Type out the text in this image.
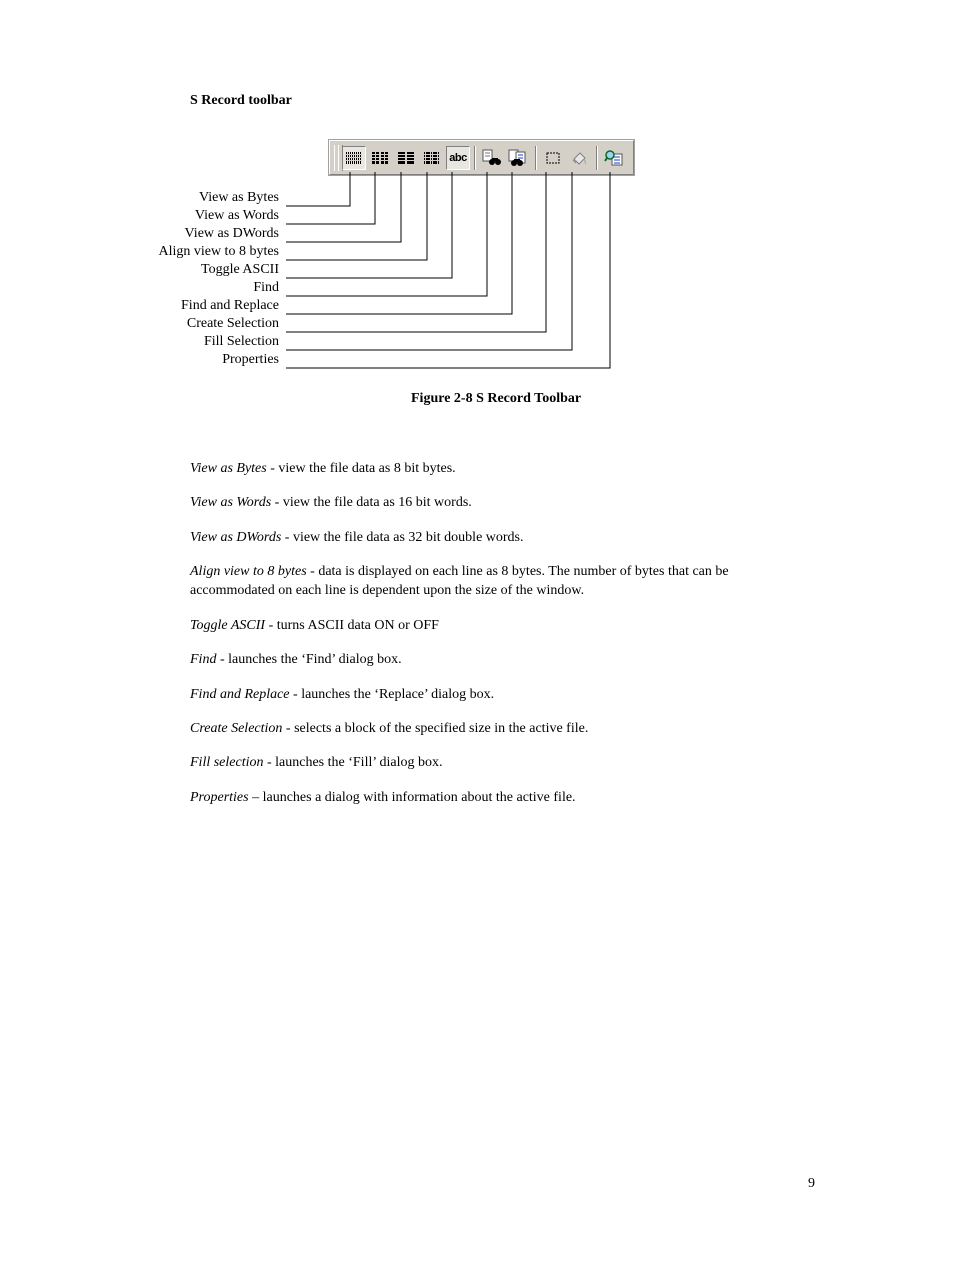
S Record toolbar
abc
View as Bytes
View as Words
View as DWords
Align view to 8 bytes
Toggle ASCII
Find
Find and Replace
Create Selection
Fill Selection
Properties
Figure 2-8 S Record Toolbar
View as Bytes - view the file data as 8 bit bytes.
View as Words - view the file data as 16 bit words.
View as DWords - view the file data as 32 bit double words.
Align view to 8 bytes - data is displayed on each line as 8 bytes. The number of bytes that can be accommodated on each line is dependent upon the size of the window.
Toggle ASCII - turns ASCII data ON or OFF
Find - launches the ‘Find’ dialog box.
Find and Replace - launches the ‘Replace’ dialog box.
Create Selection - selects a block of the specified size in the active file.
Fill selection - launches the ‘Fill’ dialog box.
Properties – launches a dialog with information about the active file.
9
